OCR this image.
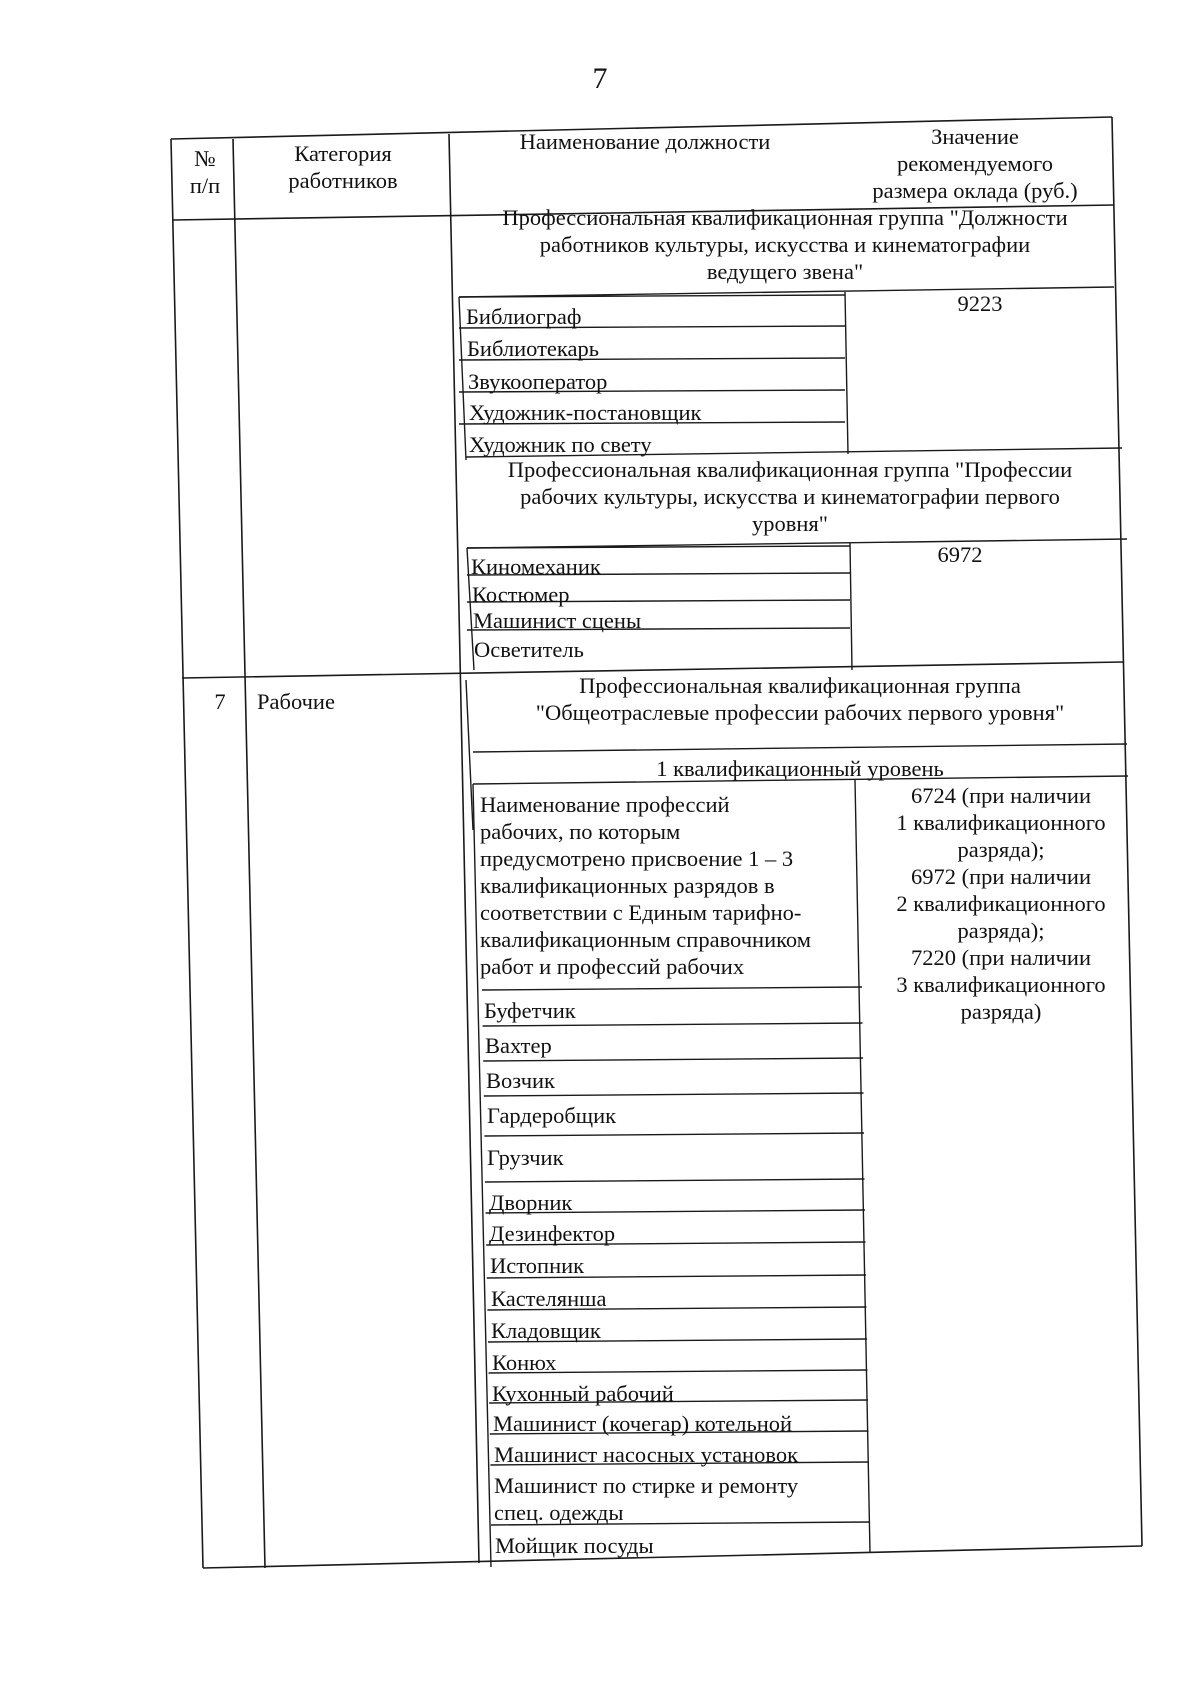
7
№
п/п
Категория
работников
Наименование должности	Значение
рекомендуемого
размера оклада (руб.)
Профессиональная квалификационная группа "Должности
работников культуры, искусства и кинематографии
ведущего звена"
Библиограф
Библиотекарь
Звукооператор
Художник-постановщик
Художник по свету
9223
Профессиональная квалификационная группа "Профессии
рабочих культуры, искусства и кинематографии первого
уровня"
Киномеханик
Костюмер
Машинист сцены
Осветитель
6972
7	Рабочие
Профессиональная квалификационная группа
"Общеотраслевые профессии рабочих первого уровня"
1 квалификационный уровень
Наименование профессий
рабочих, по которым
предусмотрено присвоение 1 – 3
квалификационных разрядов в
соответствии с Единым тарифно-
квалификационным справочником
работ и профессий рабочих
6724 (при наличии
1 квалификационного
разряда);
6972 (при наличии
2 квалификационного
разряда);
7220 (при наличии
3 квалификационного
разряда)
Буфетчик
Вахтер
Возчик
Гардеробщик
Грузчик
Дворник
Дезинфектор
Истопник
Кастелянша
Кладовщик
Конюх
Кухонный рабочий
Машинист (кочегар) котельной
Машинист насосных установок
Машинист по стирке и ремонту
спец. одежды
Мойщик посуды
